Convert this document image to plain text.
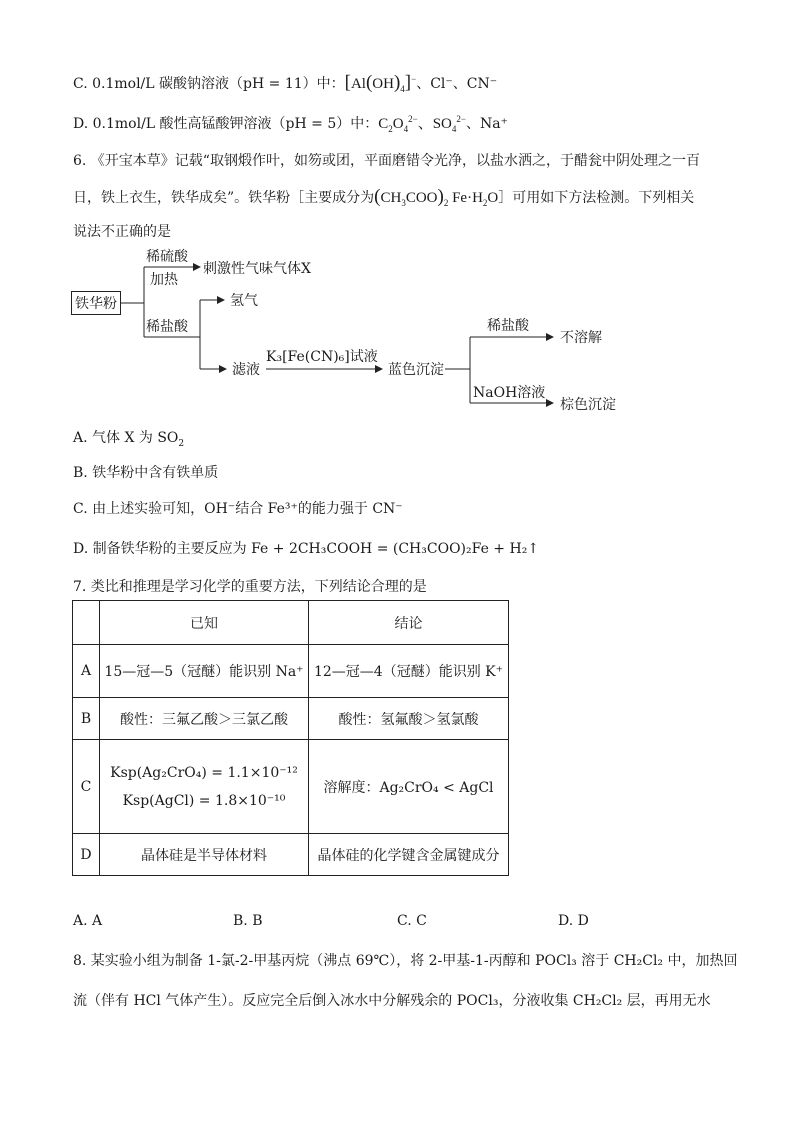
C. 0.1mol/L 碳酸钠溶液（pH = 11）中：$[Al(OH)_4]^-$、Cl⁻、CN⁻
D. 0.1mol/L 酸性高锰酸钾溶液（pH = 5）中：$C_2O_4^{2-}$、$SO_4^{2-}$、Na⁺
6. 《开宝本草》记载“取钢煅作叶，如笏或团，平面磨错令光净，以盐水洒之，于醋瓮中阴处理之一百
日，铁上衣生，铁华成矣”。铁华粉［主要成分为$(CH_3COO)_2$ $Fe\cdot H_2O]$可用如下方法检测。下列相关
说法不正确的是
铁华粉
稀硫酸
加热
刺激性气味气体X
稀盐酸
氢气
滤液
K₃[Fe(CN)₆]试液
蓝色沉淀
稀盐酸
不溶解
NaOH溶液
棕色沉淀
A. 气体 X 为 $SO_2$
B. 铁华粉中含有铁单质
C. 由上述实验可知，OH⁻结合 Fe³⁺的能力强于 CN⁻
D. 制备铁华粉的主要反应为 Fe + 2CH₃COOH = (CH₃COO)₂Fe + H₂↑
7. 类比和推理是学习化学的重要方法，下列结论合理的是
	已知	结论
A	15—冠—5（冠醚）能识别 Na⁺	12—冠—4（冠醚）能识别 K⁺
B	酸性：三氟乙酸＞三氯乙酸	酸性：氢氟酸＞氢氯酸
C	Ksp(Ag₂CrO₄) = 1.1×10⁻¹²
Ksp(AgCl) = 1.8×10⁻¹⁰	溶解度：Ag₂CrO₄ < AgCl
D	晶体硅是半导体材料	晶体硅的化学键含金属键成分
A. A	B. B	C. C	D. D
8. 某实验小组为制备 1-氯-2-甲基丙烷（沸点 69℃），将 2-甲基-1-丙醇和 POCl₃ 溶于 CH₂Cl₂ 中，加热回
流（伴有 HCl 气体产生）。反应完全后倒入冰水中分解残余的 POCl₃，分液收集 CH₂Cl₂ 层，再用无水
